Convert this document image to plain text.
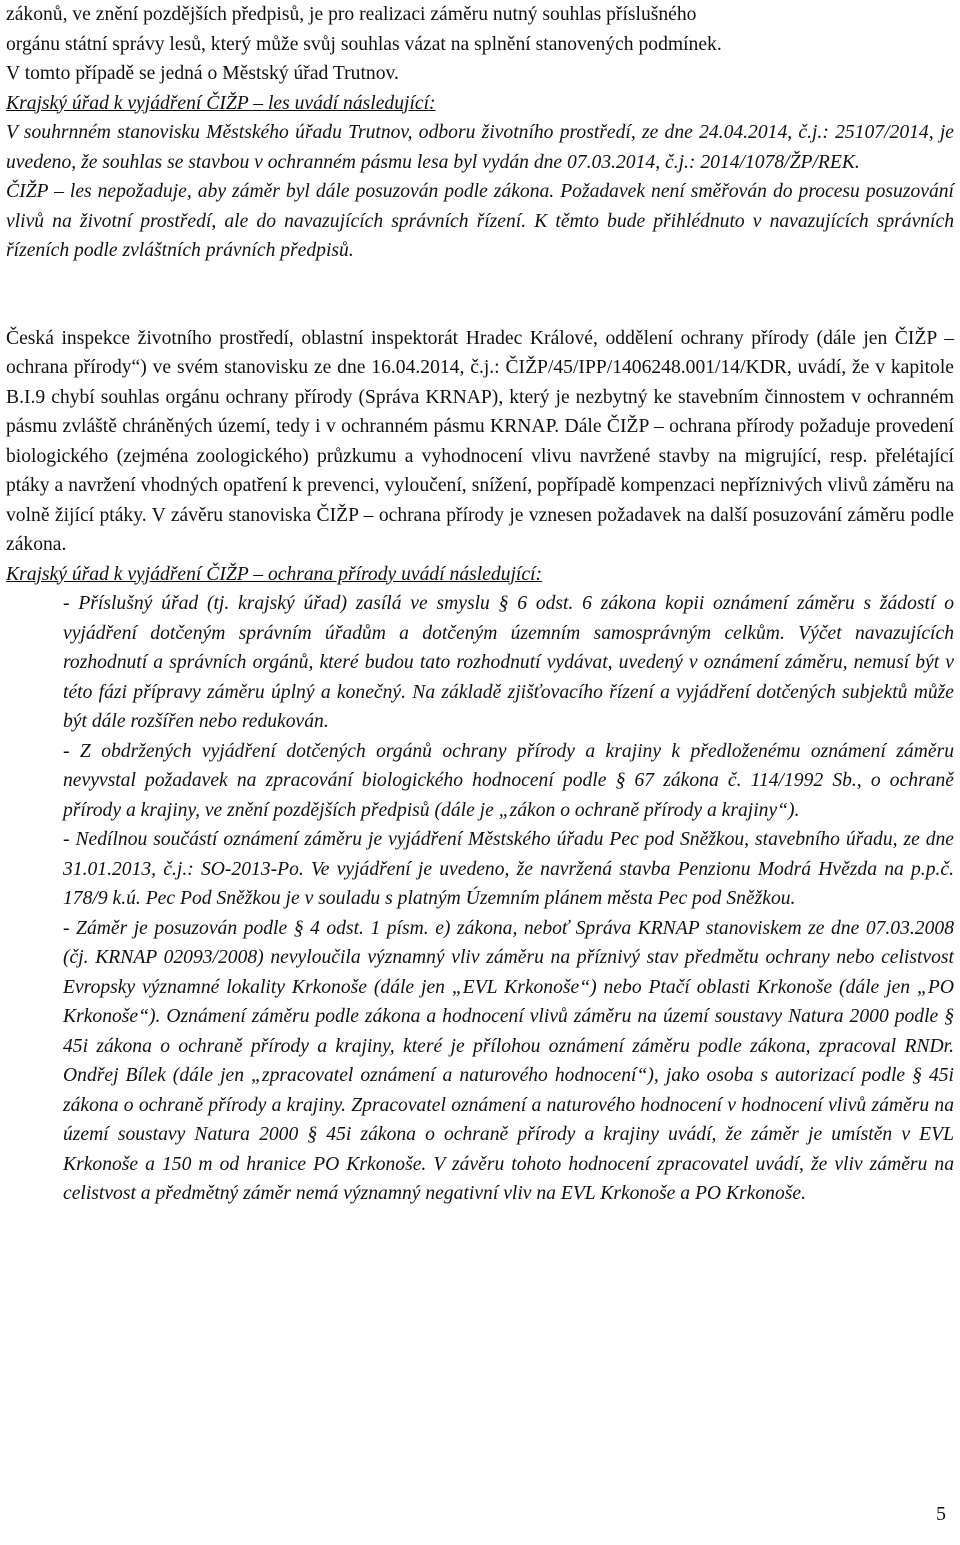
zákonů, ve znění pozdějších předpisů, je pro realizaci záměru nutný souhlas příslušného

orgánu státní správy lesů, který může svůj souhlas vázat na splnění stanovených podmínek.

V tomto případě se jedná o Městský úřad Trutnov.

Krajský úřad k vyjádření ČIŽP – les uvádí následující:

V souhrnném stanovisku Městského úřadu Trutnov, odboru životního prostředí, ze dne 24.04.2014, č.j.: 25107/2014, je uvedeno, že souhlas se stavbou v ochranném pásmu lesa byl vydán dne 07.03.2014, č.j.: 2014/1078/ŽP/REK.

ČIŽP – les nepožaduje, aby záměr byl dále posuzován podle zákona. Požadavek není směřován do procesu posuzování vlivů na životní prostředí, ale do navazujících správních řízení. K těmto bude přihlédnuto v navazujících správních řízeních podle zvláštních právních předpisů.

Česká inspekce životního prostředí, oblastní inspektorát Hradec Králové, oddělení ochrany přírody (dále jen ČIŽP – ochrana přírody“) ve svém stanovisku ze dne 16.04.2014, č.j.: ČIŽP/45/IPP/1406248.001/14/KDR, uvádí, že v kapitole B.I.9 chybí souhlas orgánu ochrany přírody (Správa KRNAP), který je nezbytný ke stavebním činnostem v ochranném pásmu zvláště chráněných území, tedy i v ochranném pásmu KRNAP. Dále ČIŽP – ochrana přírody požaduje provedení biologického (zejména zoologického) průzkumu a vyhodnocení vlivu navržené stavby na migrující, resp. přelétající ptáky a navržení vhodných opatření k prevenci, vyloučení, snížení, popřípadě kompenzaci nepříznivých vlivů záměru na volně žijící ptáky. V závěru stanoviska ČIŽP – ochrana přírody je vznesen požadavek na další posuzování záměru podle zákona.

Krajský úřad k vyjádření ČIŽP – ochrana přírody uvádí následující:

- Příslušný úřad (tj. krajský úřad) zasílá ve smyslu § 6 odst. 6 zákona kopii oznámení záměru s žádostí o vyjádření dotčeným správním úřadům a dotčeným územním samosprávným celkům. Výčet navazujících rozhodnutí a správních orgánů, které budou tato rozhodnutí vydávat, uvedený v oznámení záměru, nemusí být v této fázi přípravy záměru úplný a konečný. Na základě zjišťovacího řízení a vyjádření dotčených subjektů může být dále rozšířen nebo redukován.

- Z obdržených vyjádření dotčených orgánů ochrany přírody a krajiny k předloženému oznámení záměru nevyvstal požadavek na zpracování biologického hodnocení podle § 67 zákona č. 114/1992 Sb., o ochraně přírody a krajiny, ve znění pozdějších předpisů (dále je „zákon o ochraně přírody a krajiny“).

- Nedílnou součástí oznámení záměru je vyjádření Městského úřadu Pec pod Sněžkou, stavebního úřadu, ze dne 31.01.2013, č.j.: SO-2013-Po. Ve vyjádření je uvedeno, že navržená stavba Penzionu Modrá Hvězda na p.p.č. 178/9 k.ú. Pec Pod Sněžkou je v souladu s platným Územním plánem města Pec pod Sněžkou.

- Záměr je posuzován podle § 4 odst. 1 písm. e) zákona, neboť Správa KRNAP stanoviskem ze dne 07.03.2008 (čj. KRNAP 02093/2008) nevyloučila významný vliv záměru na příznivý stav předmětu ochrany nebo celistvost Evropsky významné lokality Krkonoše (dále jen „EVL Krkonoše“) nebo Ptačí oblasti Krkonoše (dále jen „PO Krkonoše“). Oznámení záměru podle zákona a hodnocení vlivů záměru na území soustavy Natura 2000 podle § 45i zákona o ochraně přírody a krajiny, které je přílohou oznámení záměru podle zákona, zpracoval RNDr. Ondřej Bílek (dále jen „zpracovatel oznámení a naturového hodnocení“), jako osoba s autorizací podle § 45i zákona o ochraně přírody a krajiny. Zpracovatel oznámení a naturového hodnocení v hodnocení vlivů záměru na území soustavy Natura 2000 § 45i zákona o ochraně přírody a krajiny uvádí, že záměr je umístěn v EVL Krkonoše a 150 m od hranice PO Krkonoše. V závěru tohoto hodnocení zpracovatel uvádí, že vliv záměru na celistvost a předmětný záměr nemá významný negativní vliv na EVL Krkonoše a PO Krkonoše.

5
